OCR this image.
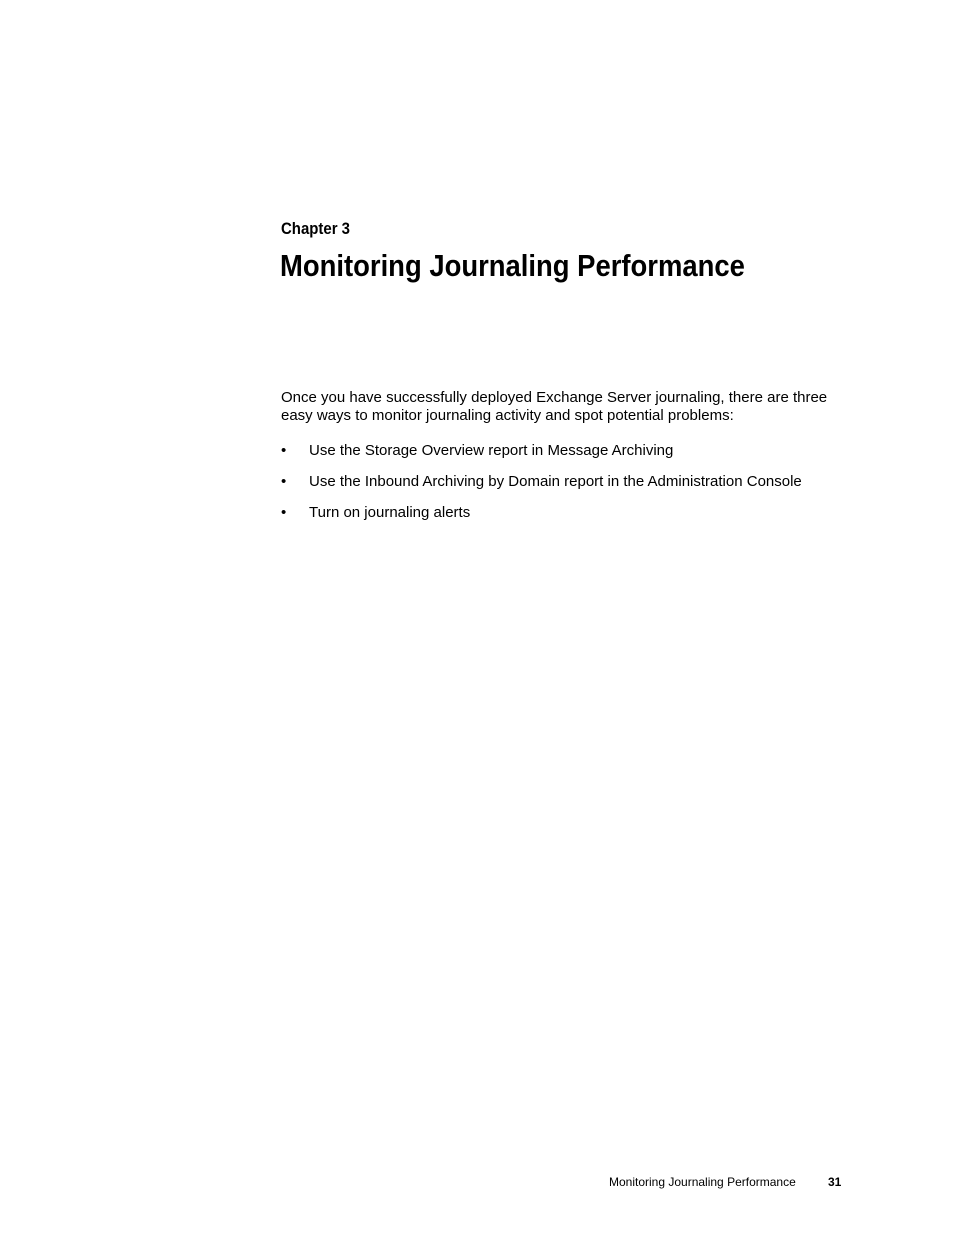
Chapter 3
Monitoring Journaling Performance

Once you have successfully deployed Exchange Server journaling, there are three easy ways to monitor journaling activity and spot potential problems:

• Use the Storage Overview report in Message Archiving
• Use the Inbound Archiving by Domain report in the Administration Console
• Turn on journaling alerts
Monitoring Journaling Performance	31
